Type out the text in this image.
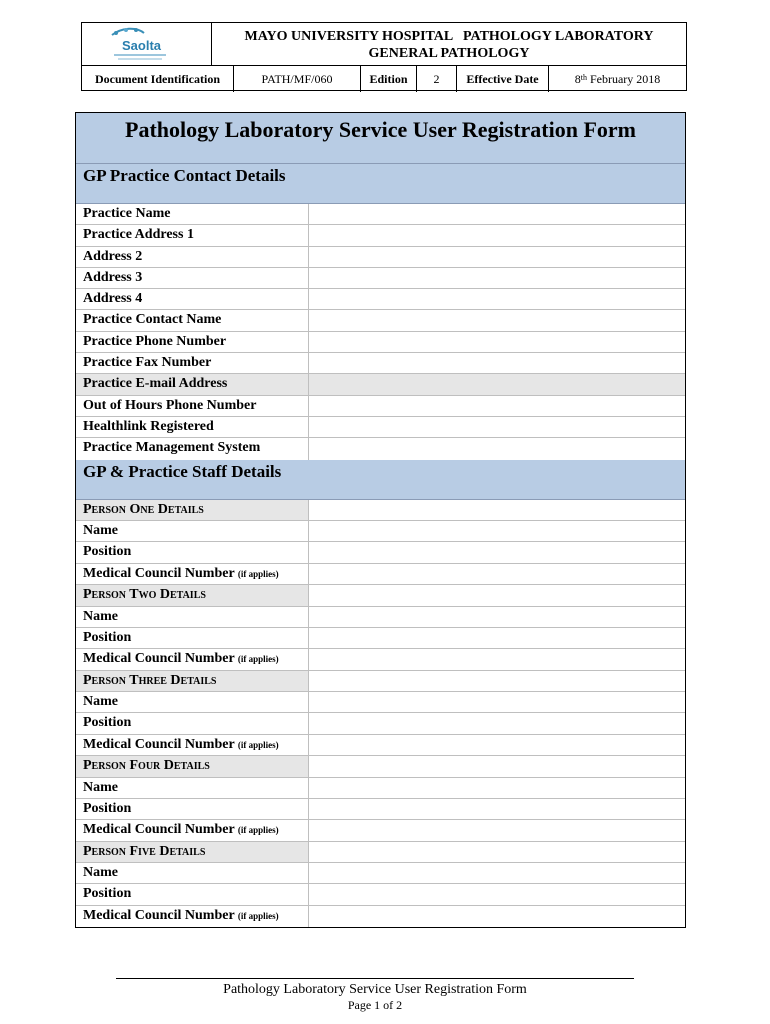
Saolta
MAYO UNIVERSITY HOSPITAL   PATHOLOGY LABORATORY
GENERAL PATHOLOGY
Document Identification	PATH/MF/060	Edition	2	Effective Date	8th February 2018
Pathology Laboratory Service User Registration Form
GP Practice Contact Details
Practice Name
Practice Address 1
Address 2
Address 3
Address 4
Practice Contact Name
Practice Phone Number
Practice Fax Number
Practice E-mail Address
Out of Hours Phone Number
Healthlink Registered
Practice Management System
GP & Practice Staff Details
Person One Details
Name
Position
Medical Council Number (if applies)
Person Two Details
Name
Position
Medical Council Number (if applies)
Person Three Details
Name
Position
Medical Council Number (if applies)
Person Four Details
Name
Position
Medical Council Number (if applies)
Person Five Details
Name
Position
Medical Council Number (if applies)
Pathology Laboratory Service User Registration Form
Page 1 of 2
